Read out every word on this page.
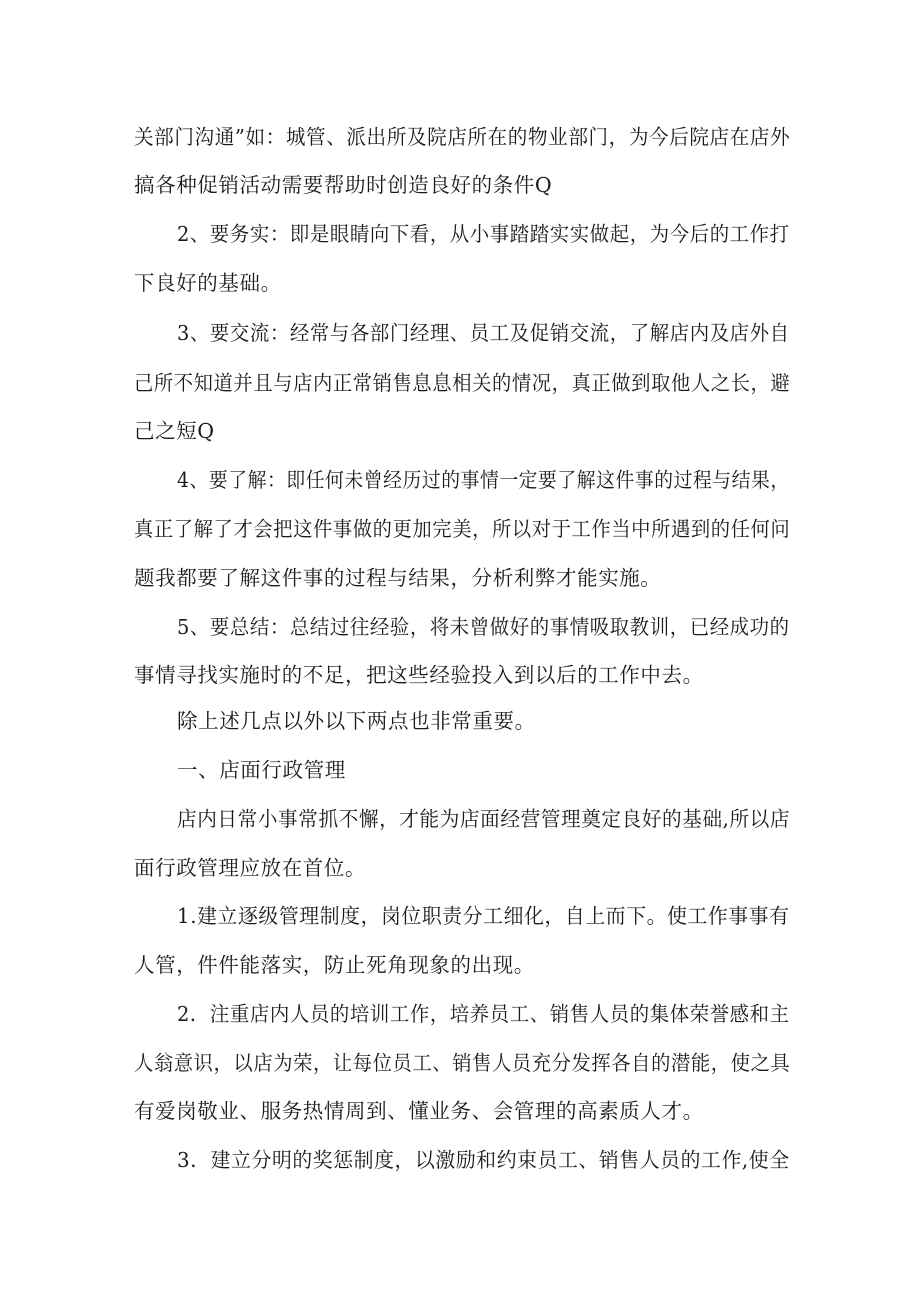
关部门沟通”如：城管、派出所及院店所在的物业部门，为今后院店在店外
搞各种促销活动需要帮助时创造良好的条件Q
2、要务实：即是眼睛向下看，从小事踏踏实实做起，为今后的工作打
下良好的基础。
3、要交流：经常与各部门经理、员工及促销交流，了解店内及店外自
己所不知道并且与店内正常销售息息相关的情况，真正做到取他人之长，避
己之短Q
4、要了解：即任何未曾经历过的事情一定要了解这件事的过程与结果，
真正了解了才会把这件事做的更加完美，所以对于工作当中所遇到的任何问
题我都要了解这件事的过程与结果，分析利弊才能实施。
5、要总结：总结过往经验，将未曾做好的事情吸取教训，已经成功的
事情寻找实施时的不足，把这些经验投入到以后的工作中去。
除上述几点以外以下两点也非常重要。
一、店面行政管理
店内日常小事常抓不懈，才能为店面经营管理奠定良好的基础,所以店
面行政管理应放在首位。
1.建立逐级管理制度，岗位职责分工细化，自上而下。使工作事事有
人管，件件能落实，防止死角现象的出现。
2．注重店内人员的培训工作，培养员工、销售人员的集体荣誉感和主
人翁意识，以店为荣，让每位员工、销售人员充分发挥各自的潜能，使之具
有爱岗敬业、服务热情周到、懂业务、会管理的高素质人才。
3．建立分明的奖惩制度，以激励和约束员工、销售人员的工作,使全
